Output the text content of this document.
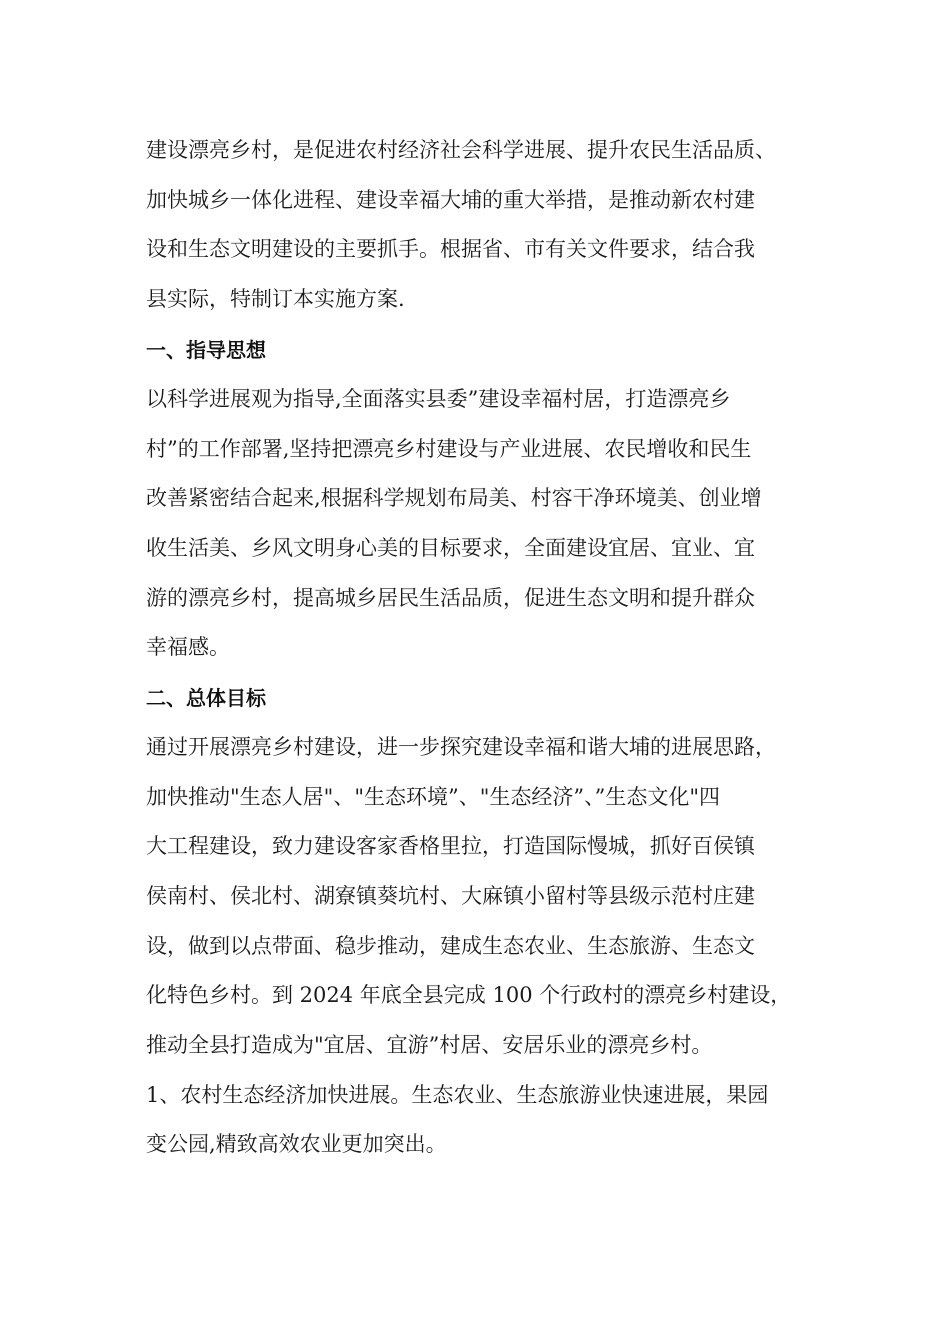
建设漂亮乡村，是促进农村经济社会科学进展、提升农民生活品质、

加快城乡一体化进程、建设幸福大埔的重大举措，是推动新农村建

设和生态文明建设的主要抓手。根据省、市有关文件要求，结合我

县实际，特制订本实施方案.

一、指导思想

以科学进展观为指导,全面落实县委”建设幸福村居，打造漂亮乡

村”的工作部署,坚持把漂亮乡村建设与产业进展、农民增收和民生

改善紧密结合起来,根据科学规划布局美、村容干净环境美、创业增

收生活美、乡风文明身心美的目标要求，全面建设宜居、宜业、宜

游的漂亮乡村，提高城乡居民生活品质，促进生态文明和提升群众

幸福感。

二、总体目标

通过开展漂亮乡村建设，进一步探究建设幸福和谐大埔的进展思路，

加快推动"生态人居"、"生态环境”、"生态经济”、”生态文化"四

大工程建设，致力建设客家香格里拉，打造国际慢城，抓好百侯镇

侯南村、侯北村、湖寮镇葵坑村、大麻镇小留村等县级示范村庄建

设，做到以点带面、稳步推动，建成生态农业、生态旅游、生态文

化特色乡村。到 2024 年底全县完成 100 个行政村的漂亮乡村建设，

推动全县打造成为"宜居、宜游”村居、安居乐业的漂亮乡村。

1、农村生态经济加快进展。生态农业、生态旅游业快速进展，果园

变公园,精致高效农业更加突出。
